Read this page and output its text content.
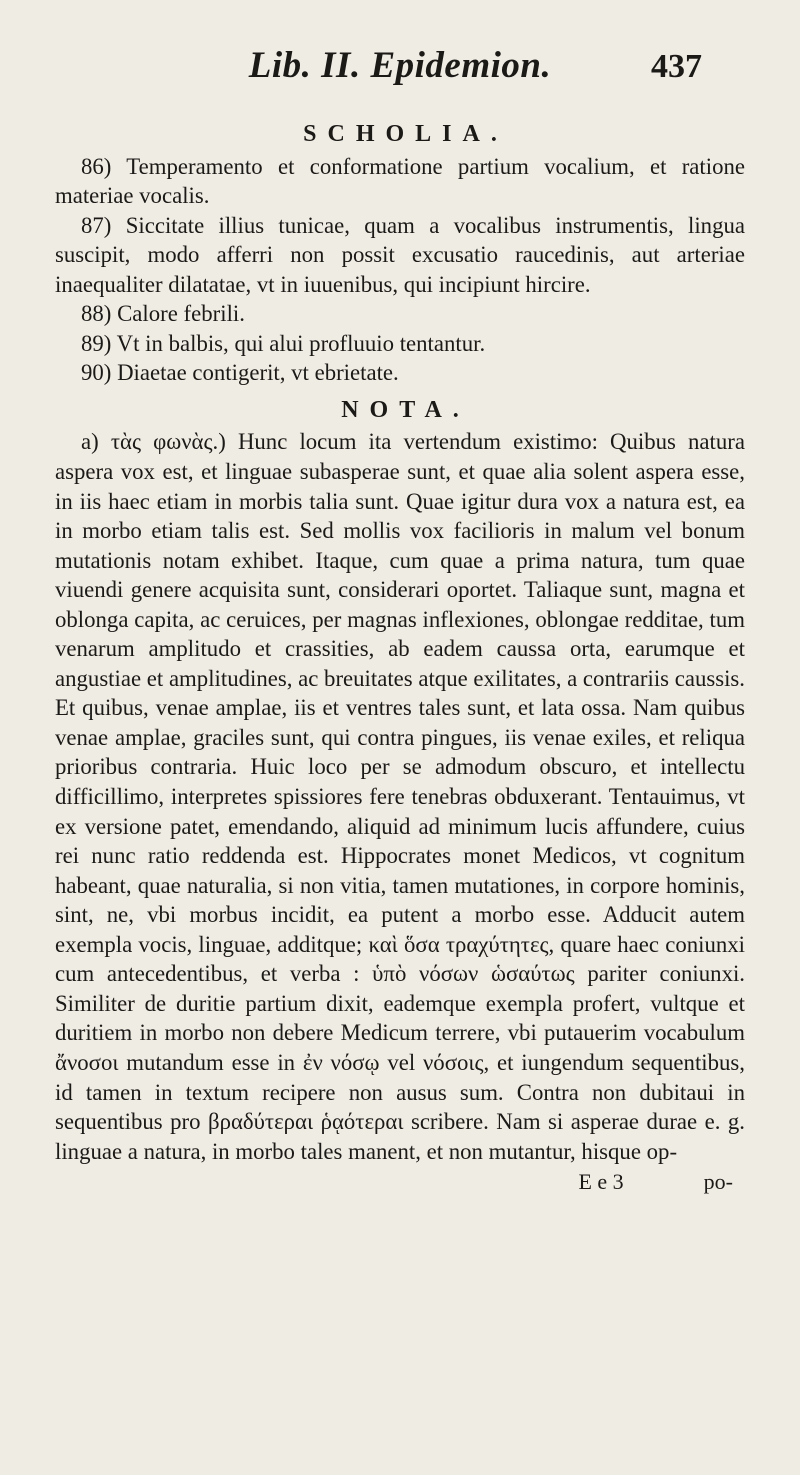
Lib. II. Epidemion.	437
SCHOLIA.
86) Temperamento et conformatione partium vocalium, et ratione materiae vocalis.
87) Siccitate illius tunicae, quam a vocalibus instrumentis, lingua suscipit, modo afferri non possit excusatio raucedinis, aut arteriae inaequaliter dilatatae, vt in iuuenibus, qui incipiunt hircire.
88) Calore febrili.
89) Vt in balbis, qui alui profluuio tentantur.
90) Diaetae contigerit, vt ebrietate.
NOTA.
a) τὰς φωνὰς.) Hunc locum ita vertendum existimo: Quibus natura aspera vox est, et linguae subasperae sunt, et quae alia solent aspera esse, in iis haec etiam in morbis talia sunt. Quae igitur dura vox a natura est, ea in morbo etiam talis est. Sed mollis vox facilioris in malum vel bonum mutationis notam exhibet. Itaque, cum quae a prima natura, tum quae viuendi genere acquisita sunt, considerari oportet. Taliaque sunt, magna et oblonga capita, ac ceruices, per magnas inflexiones, oblongae redditae, tum venarum amplitudo et crassities, ab eadem caussa orta, earumque et angustiae et amplitudines, ac breuitates atque exilitates, a contrariis caussis. Et quibus, venae amplae, iis et ventres tales sunt, et lata ossa. Nam quibus venae amplae, graciles sunt, qui contra pingues, iis venae exiles, et reliqua prioribus contraria. Huic loco per se admodum obscuro, et intellectu difficillimo, interpretes spissiores fere tenebras obduxerant. Tentauimus, vt ex versione patet, emendando, aliquid ad minimum lucis affundere, cuius rei nunc ratio reddenda est. Hippocrates monet Medicos, vt cognitum habeant, quae naturalia, si non vitia, tamen mutationes, in corpore hominis, sint, ne, vbi morbus incidit, ea putent a morbo esse. Adducit autem exempla vocis, linguae, additque; καὶ ὅσα τραχύτητες, quare haec coniunxi cum antecedentibus, et verba : ὑπὸ νόσων ὡσαύτως pariter coniunxi. Similiter de duritie partium dixit, eademque exempla profert, vultque et duritiem in morbo non debere Medicum terrere, vbi putauerim vocabulum ἄνοσοι mutandum esse in ἐν νόσῳ vel νόσοις, et iungendum sequentibus, id tamen in textum recipere non ausus sum. Contra non dubitaui in sequentibus pro βραδύτεραι ῥᾳότεραι scribere. Nam si asperae durae e. g. linguae a natura, in morbo tales manent, et non mutantur, hisque op-
E e 3	po-
